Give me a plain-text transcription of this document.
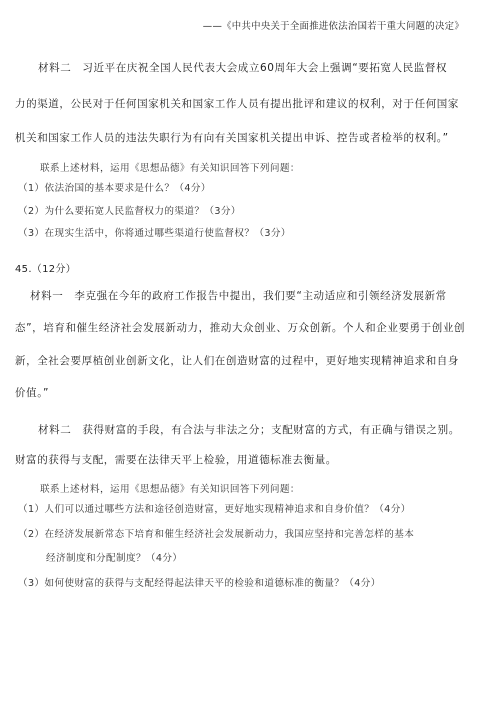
——《中共中央关于全面推进依法治国若干重大问题的决定》

材料二　习近平在庆祝全国人民代表大会成立60周年大会上强调“要拓宽人民监督权

力的渠道，公民对于任何国家机关和国家工作人员有提出批评和建议的权利，对于任何国家

机关和国家工作人员的违法失职行为有向有关国家机关提出申诉、控告或者检举的权利。”

联系上述材料，运用《思想品德》有关知识回答下列问题：

（1）依法治国的基本要求是什么？（4分）

（2）为什么要拓宽人民监督权力的渠道？（3分）

（3）在现实生活中，你将通过哪些渠道行使监督权？（3分）

45.（12分）

材料一　李克强在今年的政府工作报告中提出，我们要“主动适应和引领经济发展新常

态”，培育和催生经济社会发展新动力，推动大众创业、万众创新。个人和企业要勇于创业创

新，全社会要厚植创业创新文化，让人们在创造财富的过程中，更好地实现精神追求和自身

价值。”

材料二　获得财富的手段，有合法与非法之分；支配财富的方式，有正确与错误之别。

财富的获得与支配，需要在法律天平上检验，用道德标准去衡量。

联系上述材料，运用《思想品德》有关知识回答下列问题：

（1）人们可以通过哪些方法和途径创造财富，更好地实现精神追求和自身价值？（4分）

（2）在经济发展新常态下培育和催生经济社会发展新动力，我国应坚持和完善怎样的基本

经济制度和分配制度？（4分）

（3）如何使财富的获得与支配经得起法律天平的检验和道德标准的衡量？（4分）
